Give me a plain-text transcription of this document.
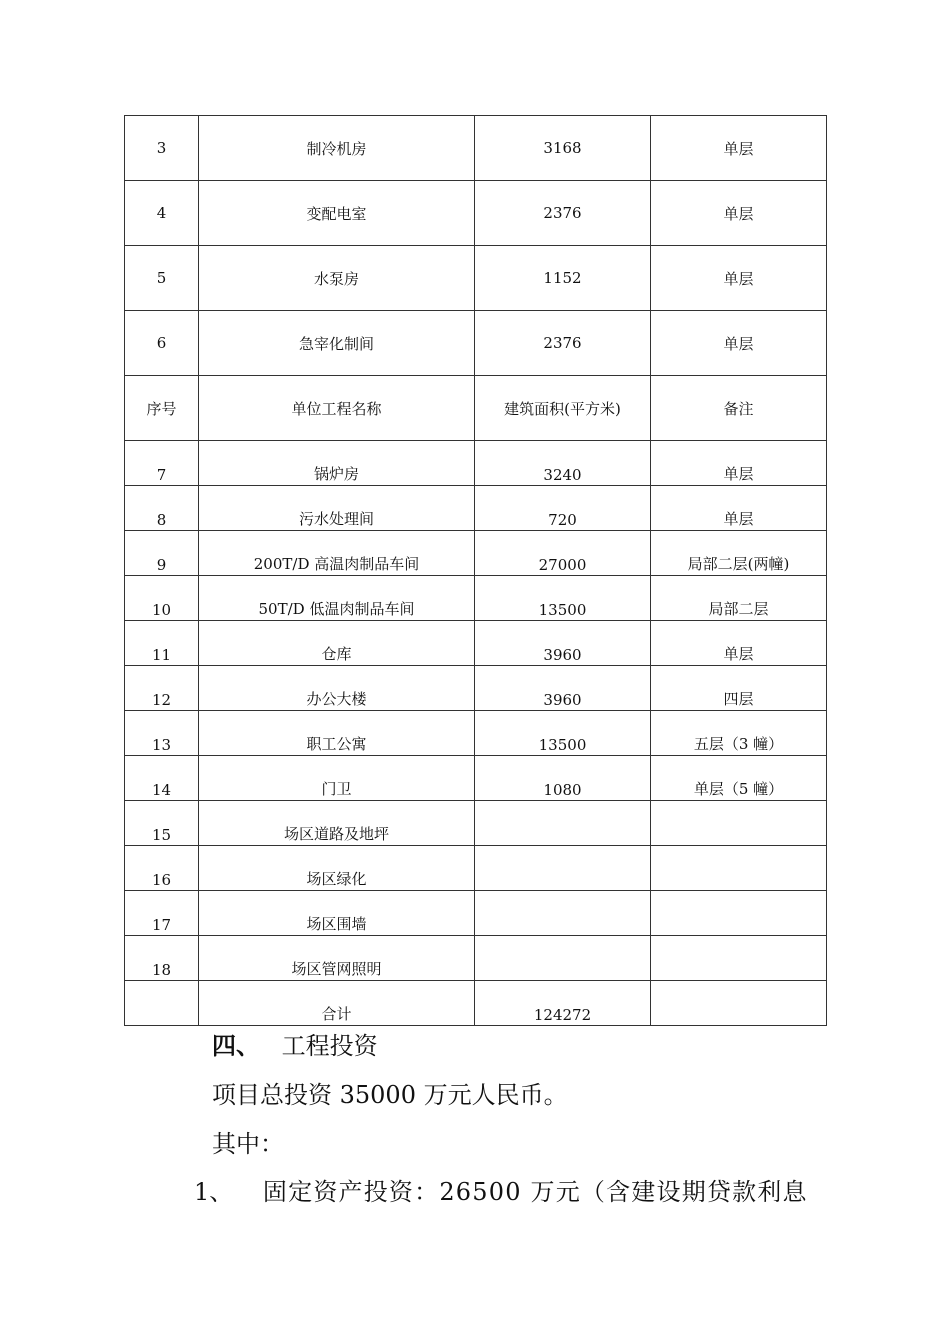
3	制冷机房	3168	单层
4	变配电室	2376	单层
5	水泵房	1152	单层
6	急宰化制间	2376	单层
序号	单位工程名称	建筑面积(平方米)	备注
7	锅炉房	3240	单层
8	污水处理间	720	单层
9	200T/D 高温肉制品车间	27000	局部二层(两幢)
10	50T/D 低温肉制品车间	13500	局部二层
11	仓库	3960	单层
12	办公大楼	3960	四层
13	职工公寓	13500	五层（3 幢）
14	门卫	1080	单层（5 幢）
15	场区道路及地坪		
16	场区绿化		
17	场区围墙		
18	场区管网照明		
	合计	124272	
四、 工程投资
项目总投资 35000 万元人民币。
其中：
1、 固定资产投资：26500 万元（含建设期贷款利息
